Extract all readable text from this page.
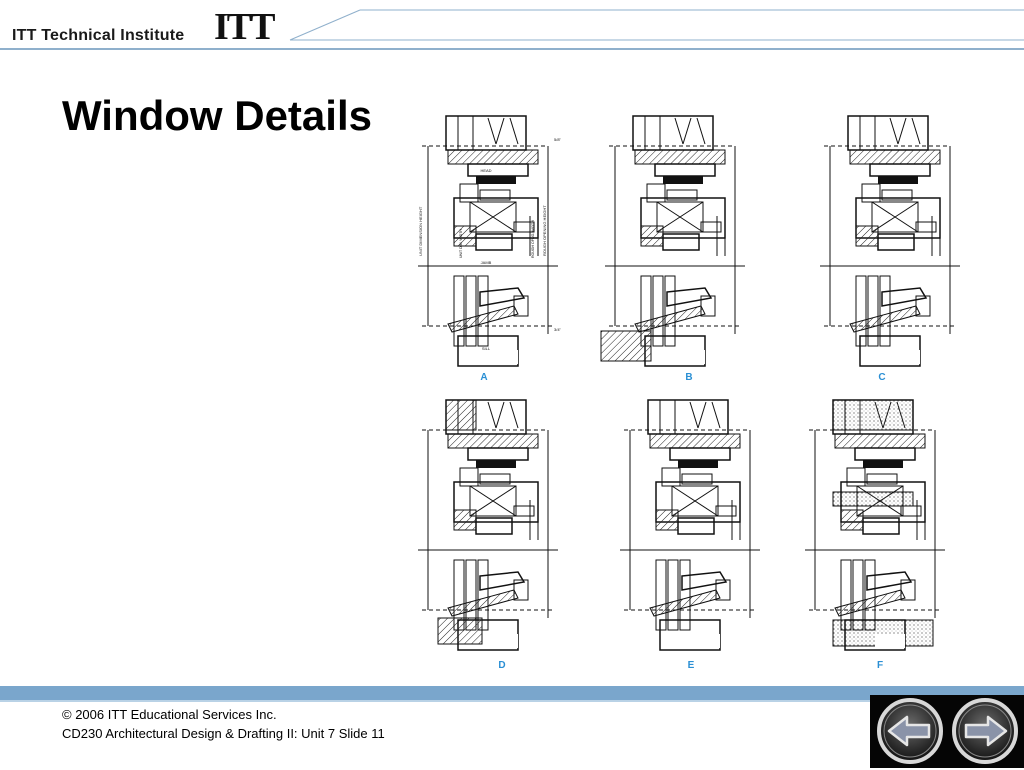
ITT Technical Institute ITT
Window Details
HEAD
JAMB
SILL
5/8"
3/4"
UNIT DIMENSION HEIGHT	ROUGH OPENING HEIGHT
UNIT DIM. WIDTH	ROUGH OPNG. WIDTH
A	B	C
D	E	F
© 2006 ITT Educational Services Inc.
CD230 Architectural Design & Drafting II: Unit 7 Slide 11
